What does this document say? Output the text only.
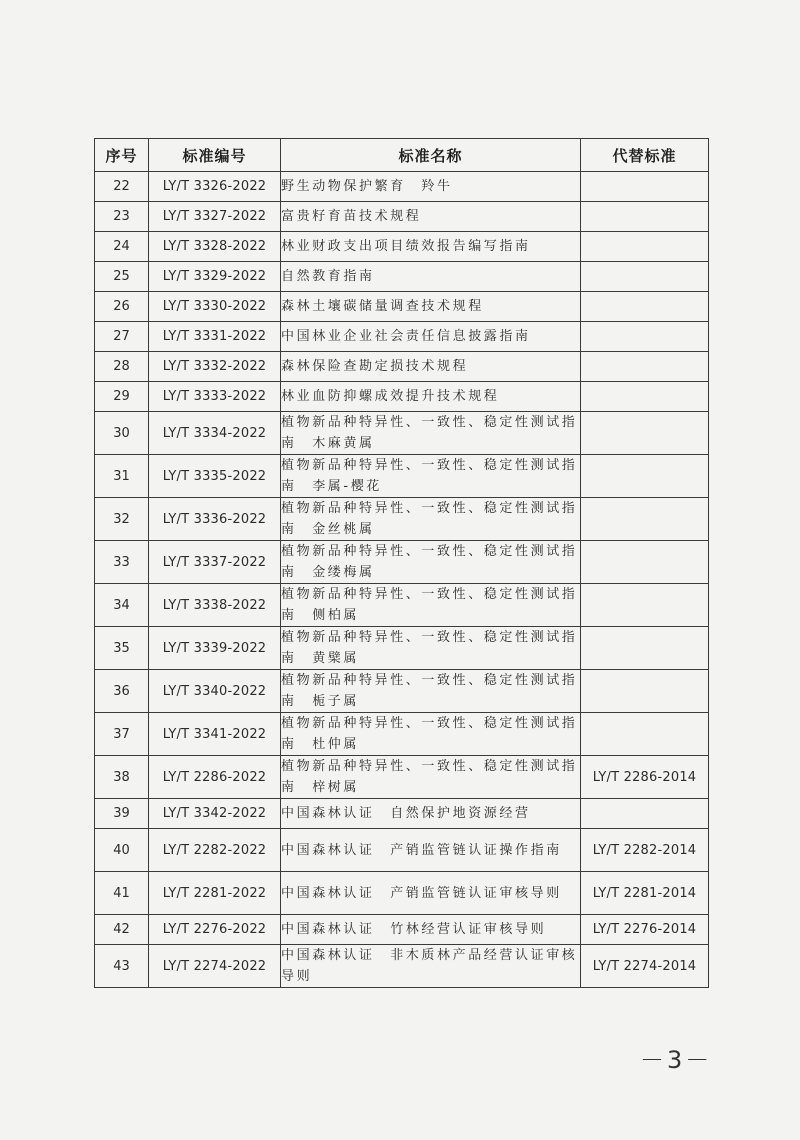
序号	标准编号	标准名称	代替标准
22	LY/T 3326-2022	野生动物保护繁育　羚牛	
23	LY/T 3327-2022	富贵籽育苗技术规程	
24	LY/T 3328-2022	林业财政支出项目绩效报告编写指南	
25	LY/T 3329-2022	自然教育指南	
26	LY/T 3330-2022	森林土壤碳储量调查技术规程	
27	LY/T 3331-2022	中国林业企业社会责任信息披露指南	
28	LY/T 3332-2022	森林保险查勘定损技术规程	
29	LY/T 3333-2022	林业血防抑螺成效提升技术规程	
30	LY/T 3334-2022	植物新品种特异性、一致性、稳定性测试指南　木麻黄属	
31	LY/T 3335-2022	植物新品种特异性、一致性、稳定性测试指南　李属-樱花	
32	LY/T 3336-2022	植物新品种特异性、一致性、稳定性测试指南　金丝桃属	
33	LY/T 3337-2022	植物新品种特异性、一致性、稳定性测试指南　金缕梅属	
34	LY/T 3338-2022	植物新品种特异性、一致性、稳定性测试指南　侧柏属	
35	LY/T 3339-2022	植物新品种特异性、一致性、稳定性测试指南　黄檗属	
36	LY/T 3340-2022	植物新品种特异性、一致性、稳定性测试指南　栀子属	
37	LY/T 3341-2022	植物新品种特异性、一致性、稳定性测试指南　杜仲属	
38	LY/T 2286-2022	植物新品种特异性、一致性、稳定性测试指南　梓树属	LY/T 2286-2014
39	LY/T 3342-2022	中国森林认证　自然保护地资源经营	
40	LY/T 2282-2022	中国森林认证　产销监管链认证操作指南	LY/T 2282-2014
41	LY/T 2281-2022	中国森林认证　产销监管链认证审核导则	LY/T 2281-2014
42	LY/T 2276-2022	中国森林认证　竹林经营认证审核导则	LY/T 2276-2014
43	LY/T 2274-2022	中国森林认证　非木质林产品经营认证审核导则	LY/T 2274-2014
－3－
